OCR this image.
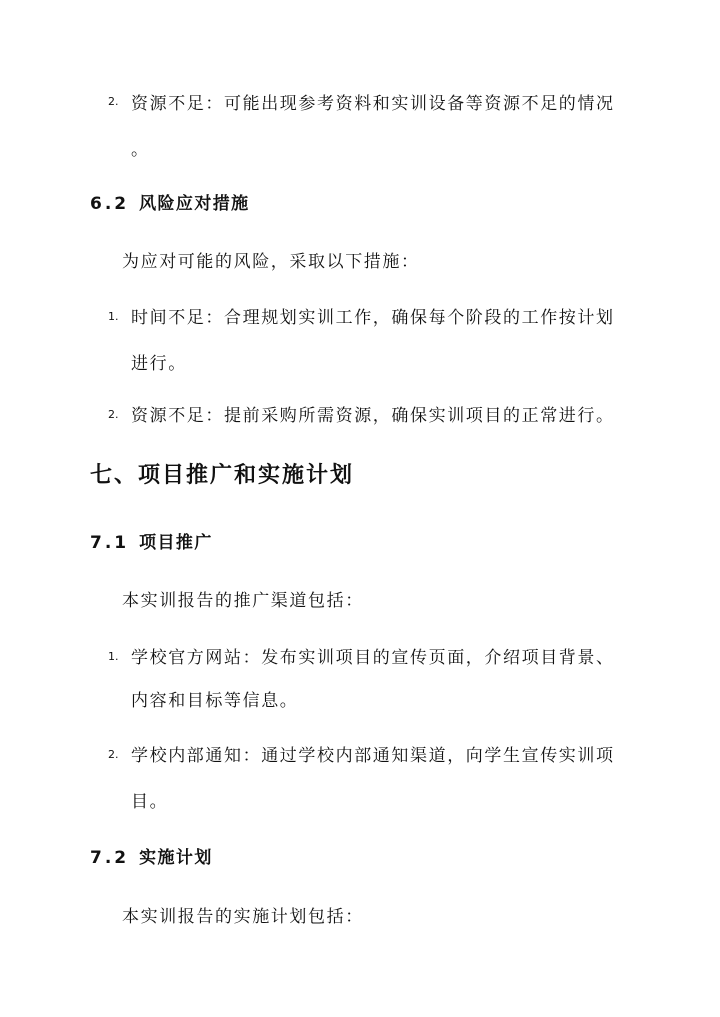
2. 资源不足：可能出现参考资料和实训设备等资源不足的情况
。
6.2 风险应对措施
为应对可能的风险，采取以下措施：
1. 时间不足：合理规划实训工作，确保每个阶段的工作按计划
进行。
2. 资源不足：提前采购所需资源，确保实训项目的正常进行。
七、项目推广和实施计划
7.1 项目推广
本实训报告的推广渠道包括：
1. 学校官方网站：发布实训项目的宣传页面，介绍项目背景、
内容和目标等信息。
2. 学校内部通知：通过学校内部通知渠道，向学生宣传实训项
目。
7.2 实施计划
本实训报告的实施计划包括：
